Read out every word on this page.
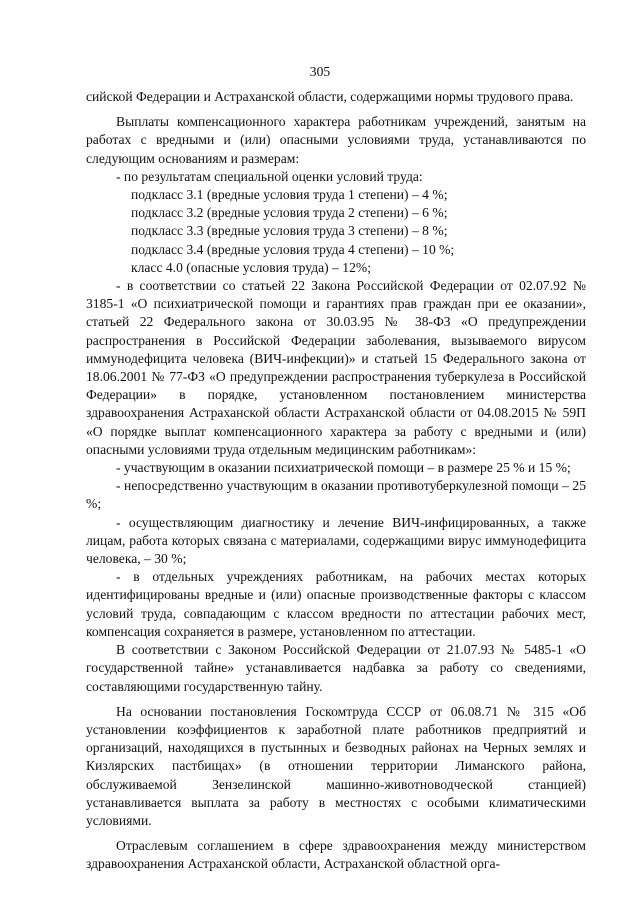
305

сийской Федерации и Астраханской области, содержащими нормы трудового права.

Выплаты компенсационного характера работникам учреждений, занятым на работах с вредными и (или) опасными условиями труда, устанавливаются по следующим основаниям и размерам:

- по результатам специальной оценки условий труда:

подкласс 3.1 (вредные условия труда 1 степени) – 4 %;
подкласс 3.2 (вредные условия труда 2 степени) – 6 %;
подкласс 3.3 (вредные условия труда 3 степени) – 8 %;
подкласс 3.4 (вредные условия труда 4 степени) – 10 %;
класс 4.0 (опасные условия труда) – 12%;

- в соответствии со статьей 22 Закона Российской Федерации от 02.07.92 № 3185-1 «О психиатрической помощи и гарантиях прав граждан при ее оказании», статьей 22 Федерального закона от 30.03.95 № 38-ФЗ «О предупреждении распространения в Российской Федерации заболевания, вызываемого вирусом иммунодефицита человека (ВИЧ-инфекции)» и статьей 15 Федерального закона от 18.06.2001 № 77-ФЗ «О предупреждении распространения туберкулеза в Российской Федерации» в порядке, установленном постановлением министерства здравоохранения Астраханской области Астраханской области от 04.08.2015 № 59П «О порядке выплат компенсационного характера за работу с вредными и (или) опасными условиями труда отдельным медицинским работникам»:

- участвующим в оказании психиатрической помощи – в размере 25 % и 15 %;

- непосредственно участвующим в оказании противотуберкулезной помощи – 25 %;

- осуществляющим диагностику и лечение ВИЧ-инфицированных, а также лицам, работа которых связана с материалами, содержащими вирус иммунодефицита человека, – 30 %;

- в отдельных учреждениях работникам, на рабочих местах которых идентифицированы вредные и (или) опасные производственные факторы с классом условий труда, совпадающим с классом вредности по аттестации рабочих мест, компенсация сохраняется в размере, установленном по аттестации.

В соответствии с Законом Российской Федерации от 21.07.93 № 5485-1 «О государственной тайне» устанавливается надбавка за работу со сведениями, составляющими государственную тайну.

На основании постановления Госкомтруда СССР от 06.08.71 № 315 «Об установлении коэффициентов к заработной плате работников предприятий и организаций, находящихся в пустынных и безводных районах на Черных землях и Кизлярских пастбищах» (в отношении территории Лиманского района, обслуживаемой Зензелинской машинно-животноводческой станцией) устанавливается выплата за работу в местностях с особыми климатическими условиями.

Отраслевым соглашением в сфере здравоохранения между министерством здравоохранения Астраханской области, Астраханской областной орга-
